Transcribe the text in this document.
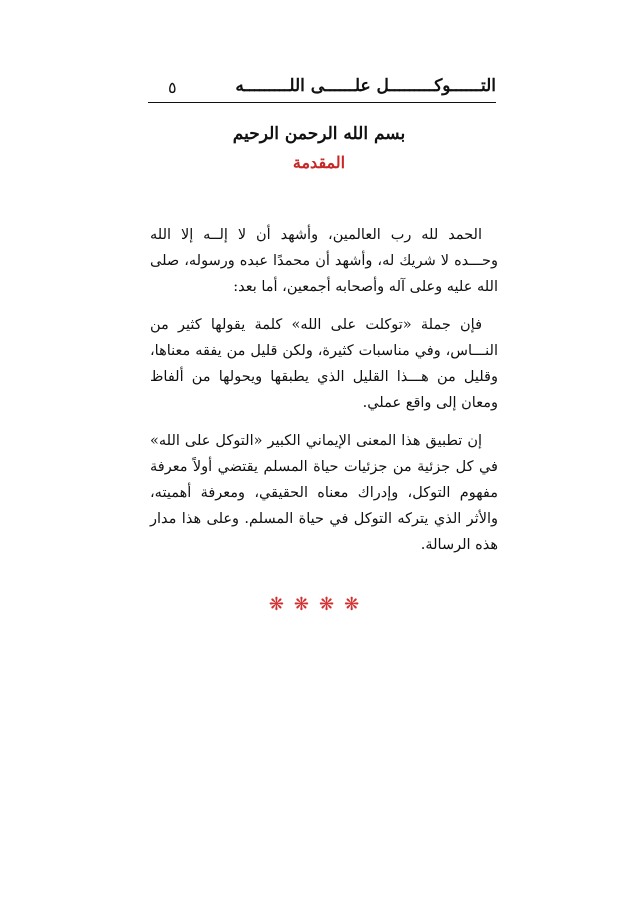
التــــــوكـــــــــل علــــــى اللـــــــــه
٥
بسم الله الرحمن الرحيم
المقدمة

الحمد لله رب العالمين، وأشهد أن لا إلــه إلا الله وحـــده لا شريك له، وأشهد أن محمدًا عبده ورسوله، صلى الله عليه وعلى آله وأصحابه أجمعين، أما بعد:

فإن جملة «توكلت على الله» كلمة يقولها كثير من النـــاس، وفي مناسبات كثيرة، ولكن قليل من يفقه معناها، وقليل من هـــذا القليل الذي يطبقها ويحولها من ألفاظ ومعان إلى واقع عملي.

إن تطبيق هذا المعنى الإيماني الكبير «التوكل على الله» في كل جزئية من جزئيات حياة المسلم يقتضي أولاً معرفة مفهوم التوكل، وإدراك معناه الحقيقي، ومعرفة أهميته، والأثر الذي يتركه التوكل في حياة المسلم. وعلى هذا مدار هذه الرسالة.

❋❋❋❋
